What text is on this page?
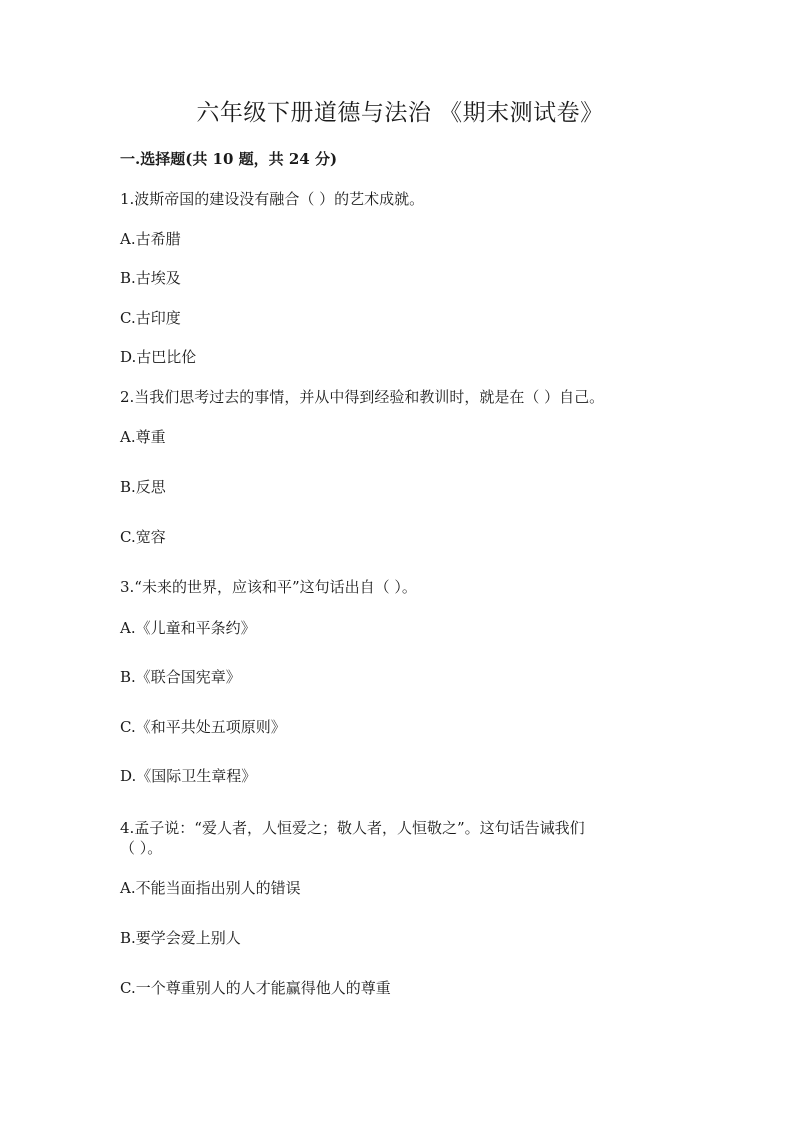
六年级下册道德与法治 《期末测试卷》
一.选择题(共 10 题，共 24 分)
1.波斯帝国的建设没有融合（ ）的艺术成就。
A.古希腊
B.古埃及
C.古印度
D.古巴比伦
2.当我们思考过去的事情，并从中得到经验和教训时，就是在（ ）自己。
A.尊重
B.反思
C.宽容
3.“未来的世界，应该和平”这句话出自（ ）。
A.《儿童和平条约》
B.《联合国宪章》
C.《和平共处五项原则》
D.《国际卫生章程》
4.孟子说：“爱人者，人恒爱之；敬人者，人恒敬之”。这句话告诫我们
（ ）。
A.不能当面指出别人的错误
B.要学会爱上别人
C.一个尊重别人的人才能赢得他人的尊重
